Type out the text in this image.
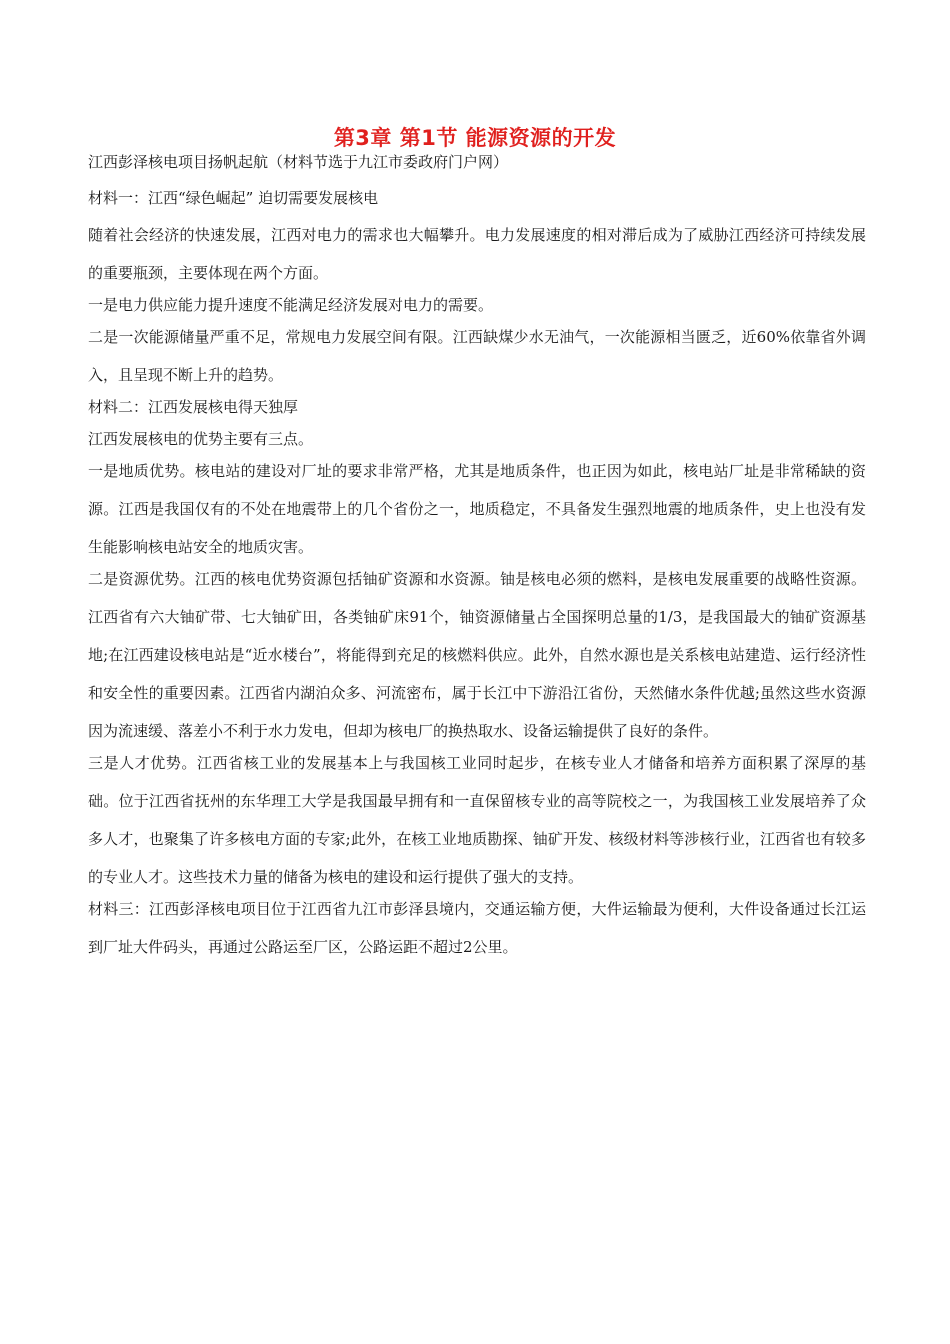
第3章 第1节 能源资源的开发

江西彭泽核电项目扬帆起航（材料节选于九江市委政府门户网）

材料一：江西“绿色崛起” 迫切需要发展核电

随着社会经济的快速发展，江西对电力的需求也大幅攀升。电力发展速度的相对滞后成为了威胁江西经济可持续发展的重要瓶颈，主要体现在两个方面。

一是电力供应能力提升速度不能满足经济发展对电力的需要。

二是一次能源储量严重不足，常规电力发展空间有限。江西缺煤少水无油气，一次能源相当匮乏，近60%依靠省外调入，且呈现不断上升的趋势。

材料二：江西发展核电得天独厚

江西发展核电的优势主要有三点。

一是地质优势。核电站的建设对厂址的要求非常严格，尤其是地质条件，也正因为如此，核电站厂址是非常稀缺的资源。江西是我国仅有的不处在地震带上的几个省份之一，地质稳定，不具备发生强烈地震的地质条件，史上也没有发生能影响核电站安全的地质灾害。

二是资源优势。江西的核电优势资源包括铀矿资源和水资源。铀是核电必须的燃料，是核电发展重要的战略性资源。江西省有六大铀矿带、七大铀矿田，各类铀矿床91个，铀资源储量占全国探明总量的1/3，是我国最大的铀矿资源基地;在江西建设核电站是“近水楼台”，将能得到充足的核燃料供应。此外，自然水源也是关系核电站建造、运行经济性和安全性的重要因素。江西省内湖泊众多、河流密布，属于长江中下游沿江省份，天然储水条件优越;虽然这些水资源因为流速缓、落差小不利于水力发电，但却为核电厂的换热取水、设备运输提供了良好的条件。

三是人才优势。江西省核工业的发展基本上与我国核工业同时起步，在核专业人才储备和培养方面积累了深厚的基础。位于江西省抚州的东华理工大学是我国最早拥有和一直保留核专业的高等院校之一，为我国核工业发展培养了众多人才，也聚集了许多核电方面的专家;此外，在核工业地质勘探、铀矿开发、核级材料等涉核行业，江西省也有较多的专业人才。这些技术力量的储备为核电的建设和运行提供了强大的支持。

材料三：江西彭泽核电项目位于江西省九江市彭泽县境内，交通运输方便，大件运输最为便利，大件设备通过长江运到厂址大件码头，再通过公路运至厂区，公路运距不超过2公里。
